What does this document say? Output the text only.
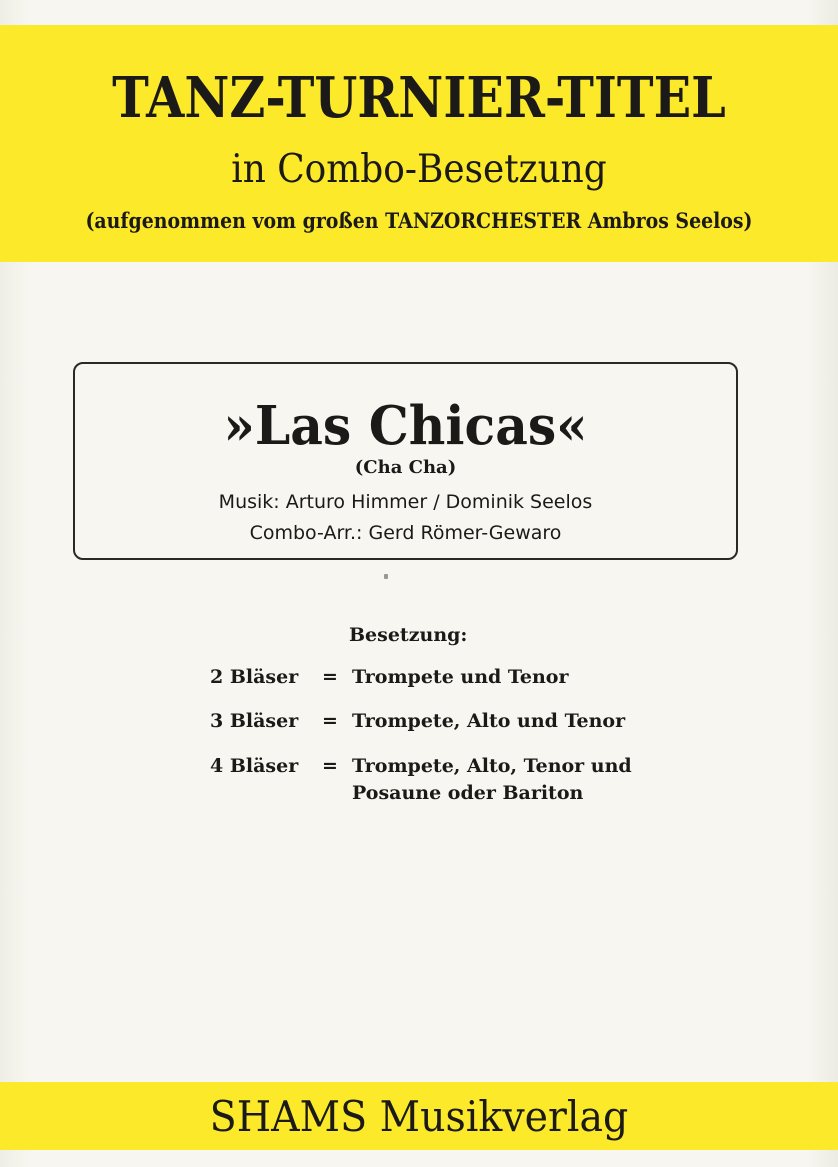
TANZ-TURNIER-TITEL
in Combo-Besetzung
(aufgenommen vom großen TANZORCHESTER Ambros Seelos)
»Las Chicas«
(Cha Cha)
Musik: Arturo Himmer / Dominik Seelos
Combo-Arr.: Gerd Römer-Gewaro
Besetzung:
2 Bläser = Trompete und Tenor
3 Bläser = Trompete, Alto und Tenor
4 Bläser = Trompete, Alto, Tenor und Posaune oder Bariton
SHAMS Musikverlag
